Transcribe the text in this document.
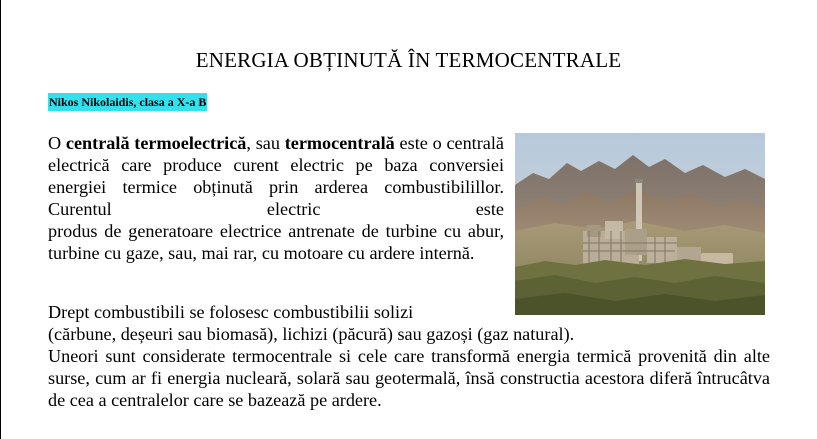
ENERGIA OBȚINUTĂ ÎN TERMOCENTRALE
Nikos Nikolaidis, clasa a X-a B

O centrală termoelectrică, sau termocentrală este o centrală electrică care produce curent electric pe baza conversiei energiei termice obținută prin arderea combustibilillor. Curentul electric este

produs de generatoare electrice antrenate de turbine cu abur, turbine cu gaze, sau, mai rar, cu motoare cu ardere internă.

Drept combustibili se folosesc combustibilii solizi

(cărbune, deșeuri sau biomasă), lichizi (păcură) sau gazoși (gaz natural).

Uneori sunt considerate termocentrale si cele care transformă energia termică provenită din alte surse, cum ar fi energia nucleară, solară sau geotermală, însă constructia acestora diferă întrucâtva de cea a centralelor care se bazează pe ardere.
